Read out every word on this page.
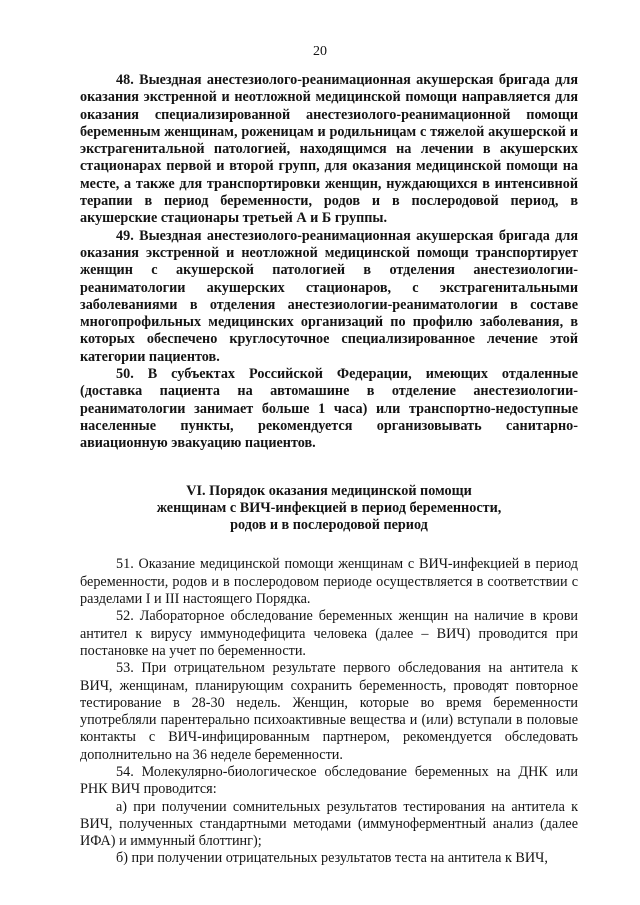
20

48. Выездная анестезиолого-реанимационная акушерская бригада для оказания экстренной и неотложной медицинской помощи направляется для оказания специализированной анестезиолого-реанимационной помощи беременным женщинам, роженицам и родильницам с тяжелой акушерской и экстрагенитальной патологией, находящимся на лечении в акушерских стационарах первой и второй групп, для оказания медицинской помощи на месте, а также для транспортировки женщин, нуждающихся в интенсивной терапии в период беременности, родов и в послеродовой период, в акушерские стационары третьей А и Б группы.

49. Выездная анестезиолого-реанимационная акушерская бригада для оказания экстренной и неотложной медицинской помощи транспортирует женщин с акушерской патологией в отделения анестезиологии-реаниматологии акушерских стационаров, с экстрагенитальными заболеваниями в отделения анестезиологии-реаниматологии в составе многопрофильных медицинских организаций по профилю заболевания, в которых обеспечено круглосуточное специализированное лечение этой категории пациентов.

50. В субъектах Российской Федерации, имеющих отдаленные (доставка пациента на автомашине в отделение анестезиологии-реаниматологии занимает больше 1 часа) или транспортно-недоступные населенные пункты, рекомендуется организовывать санитарно-авиационную эвакуацию пациентов.

VI. Порядок оказания медицинской помощи
женщинам с ВИЧ-инфекцией в период беременности,
родов и в послеродовой период

51. Оказание медицинской помощи женщинам с ВИЧ-инфекцией в период беременности, родов и в послеродовом периоде осуществляется в соответствии с разделами I и III настоящего Порядка.

52. Лабораторное обследование беременных женщин на наличие в крови антител к вирусу иммунодефицита человека (далее – ВИЧ) проводится при постановке на учет по беременности.

53. При отрицательном результате первого обследования на антитела к ВИЧ, женщинам, планирующим сохранить беременность, проводят повторное тестирование в 28-30 недель. Женщин, которые во время беременности употребляли парентерально психоактивные вещества и (или) вступали в половые контакты с ВИЧ-инфицированным партнером, рекомендуется обследовать дополнительно на 36 неделе беременности.

54. Молекулярно-биологическое обследование беременных на ДНК или РНК ВИЧ проводится:

а) при получении сомнительных результатов тестирования на антитела к ВИЧ, полученных стандартными методами (иммуноферментный анализ (далее ИФА) и иммунный блоттинг);

б) при получении отрицательных результатов теста на антитела к ВИЧ,
